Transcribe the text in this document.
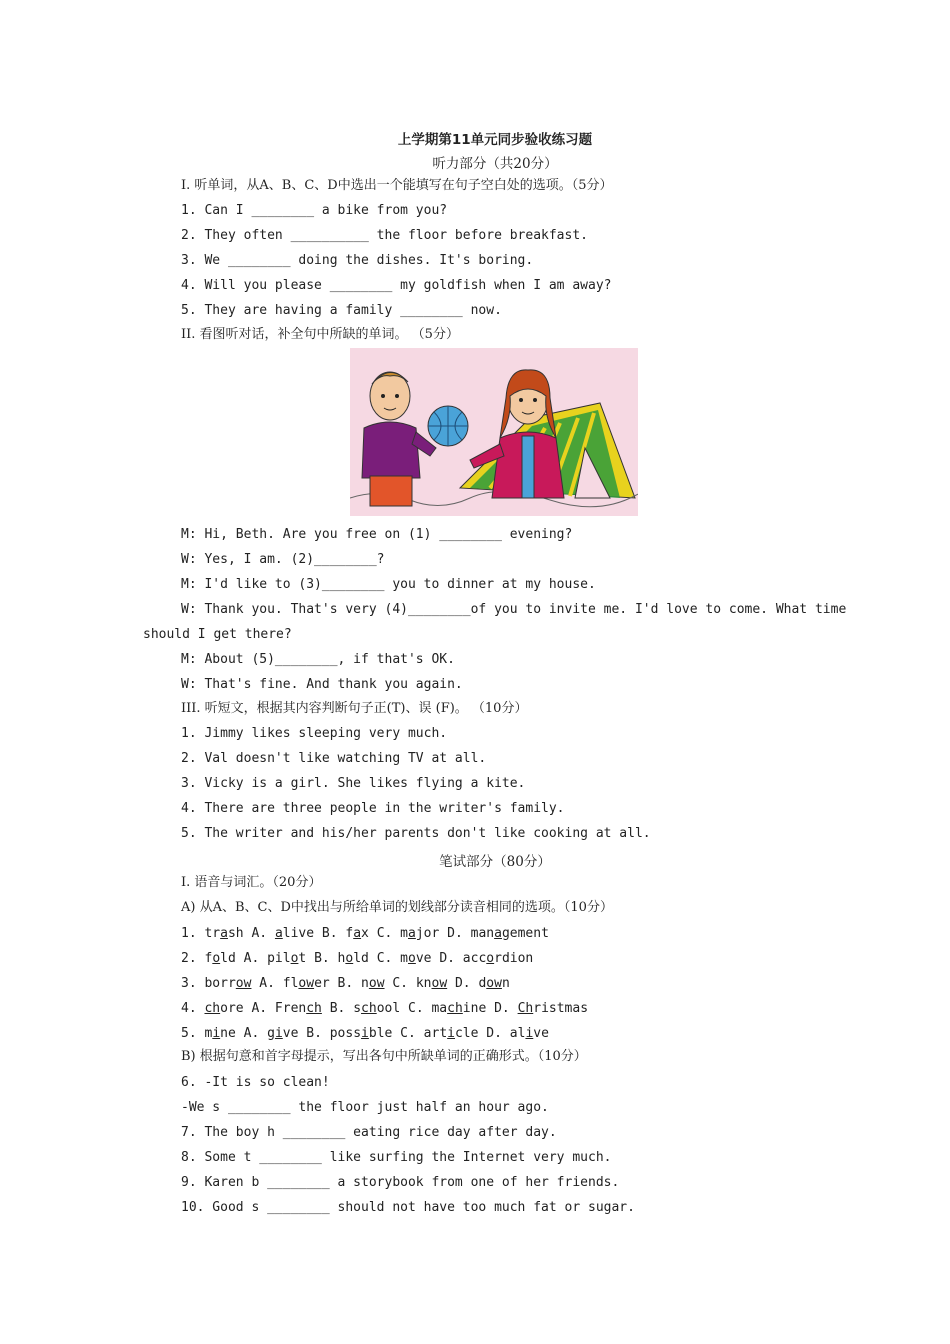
上学期第11单元同步验收练习题
听力部分（共20分）
I. 听单词，从A、B、C、D中选出一个能填写在句子空白处的选项。（5分）
1. Can I ________ a bike from you?
2. They often __________ the floor before breakfast.
3. We ________ doing the dishes. It's boring.
4. Will you please ________ my goldfish when I am away?
5. They are having a family ________ now.
II. 看图听对话，补全句中所缺的单词。 （5分）
M: Hi, Beth. Are you free on (1) ________ evening?
W: Yes, I am. (2)________?
M: I'd like to (3)________ you to dinner at my house.
W: Thank you. That's very (4)________of you to invite me. I'd love to come. What time
should I get there?
M: About (5)________, if that's OK.
W: That's fine. And thank you again.
III. 听短文，根据其内容判断句子正(T)、误 (F)。 （10分）
1. Jimmy likes sleeping very much.
2. Val doesn't like watching TV at all.
3. Vicky is a girl. She likes flying a kite.
4. There are three people in the writer's family.
5. The writer and his/her parents don't like cooking at all.
笔试部分（80分）
I. 语音与词汇。（20分）
A) 从A、B、C、D中找出与所给单词的划线部分读音相同的选项。（10分）
1. trash A. alive B. fax C. major D. management
2. fold A. pilot B. hold C. move D. accordion
3. borrow A. flower B. now C. know D. down
4. chore A. French B. school C. machine D. Christmas
5. mine A. give B. possible C. article D. alive
B) 根据句意和首字母提示，写出各句中所缺单词的正确形式。（10分）
6. -It is so clean!
-We s ________ the floor just half an hour ago.
7. The boy h ________ eating rice day after day.
8. Some t ________ like surfing the Internet very much.
9. Karen b ________ a storybook from one of her friends.
10. Good s ________ should not have too much fat or sugar.
